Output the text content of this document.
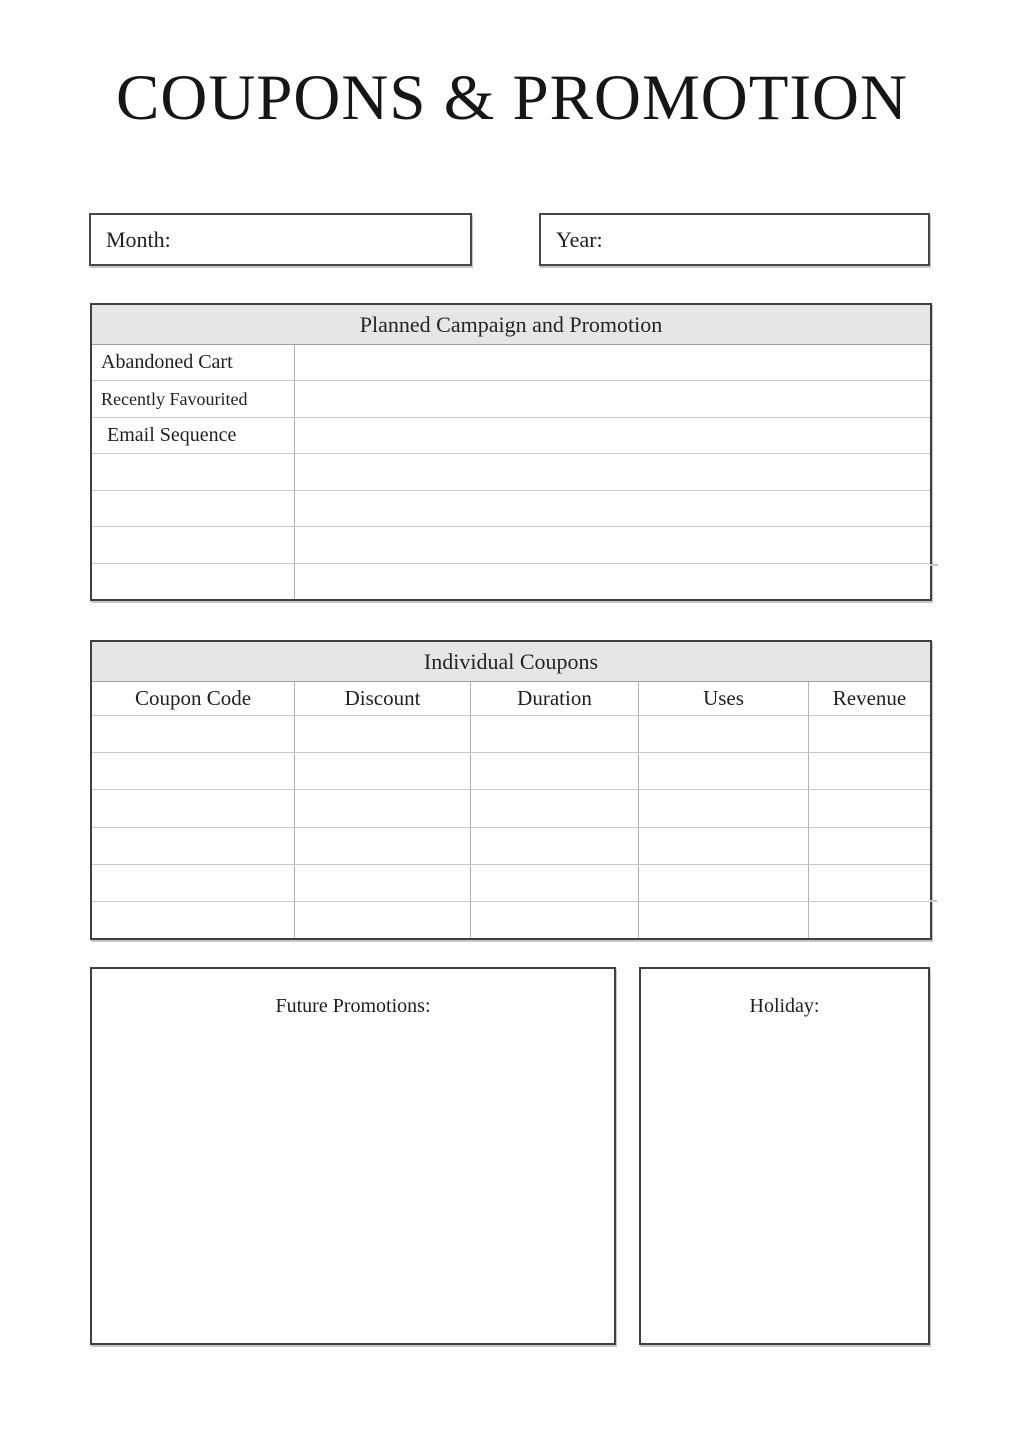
COUPONS & PROMOTION
Month:	Year:
Planned Campaign and Promotion
Abandoned Cart
Recently Favourited
Email Sequence
Individual Coupons
Coupon Code	Discount	Duration	Uses	Revenue
Future Promotions:	Holiday:
